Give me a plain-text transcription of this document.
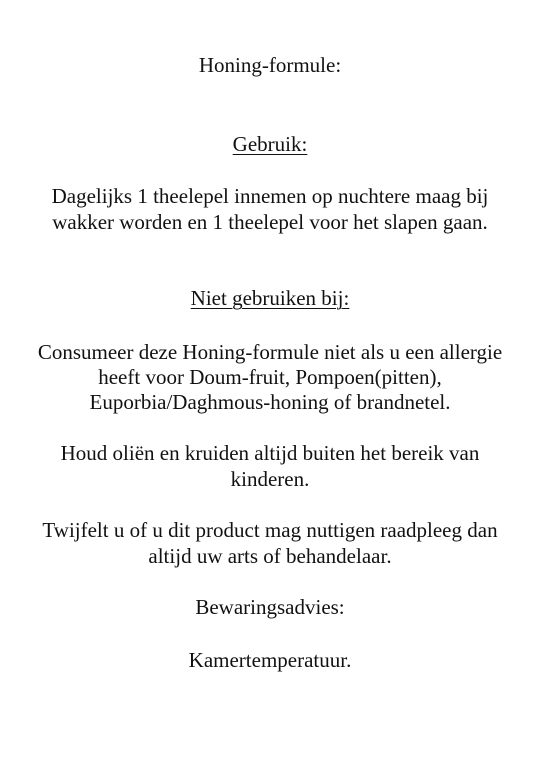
Honing-formule:

Gebruik:

Dagelijks 1 theelepel innemen op nuchtere maag bij

wakker worden en 1 theelepel voor het slapen gaan.

Niet gebruiken bij:

Consumeer deze Honing-formule niet als u een allergie

heeft voor Doum-fruit, Pompoen(pitten),

Euporbia/Daghmous-honing of brandnetel.

Houd oliën en kruiden altijd buiten het bereik van

kinderen.

Twijfelt u of u dit product mag nuttigen raadpleeg dan

altijd uw arts of behandelaar.

Bewaringsadvies:

Kamertemperatuur.
